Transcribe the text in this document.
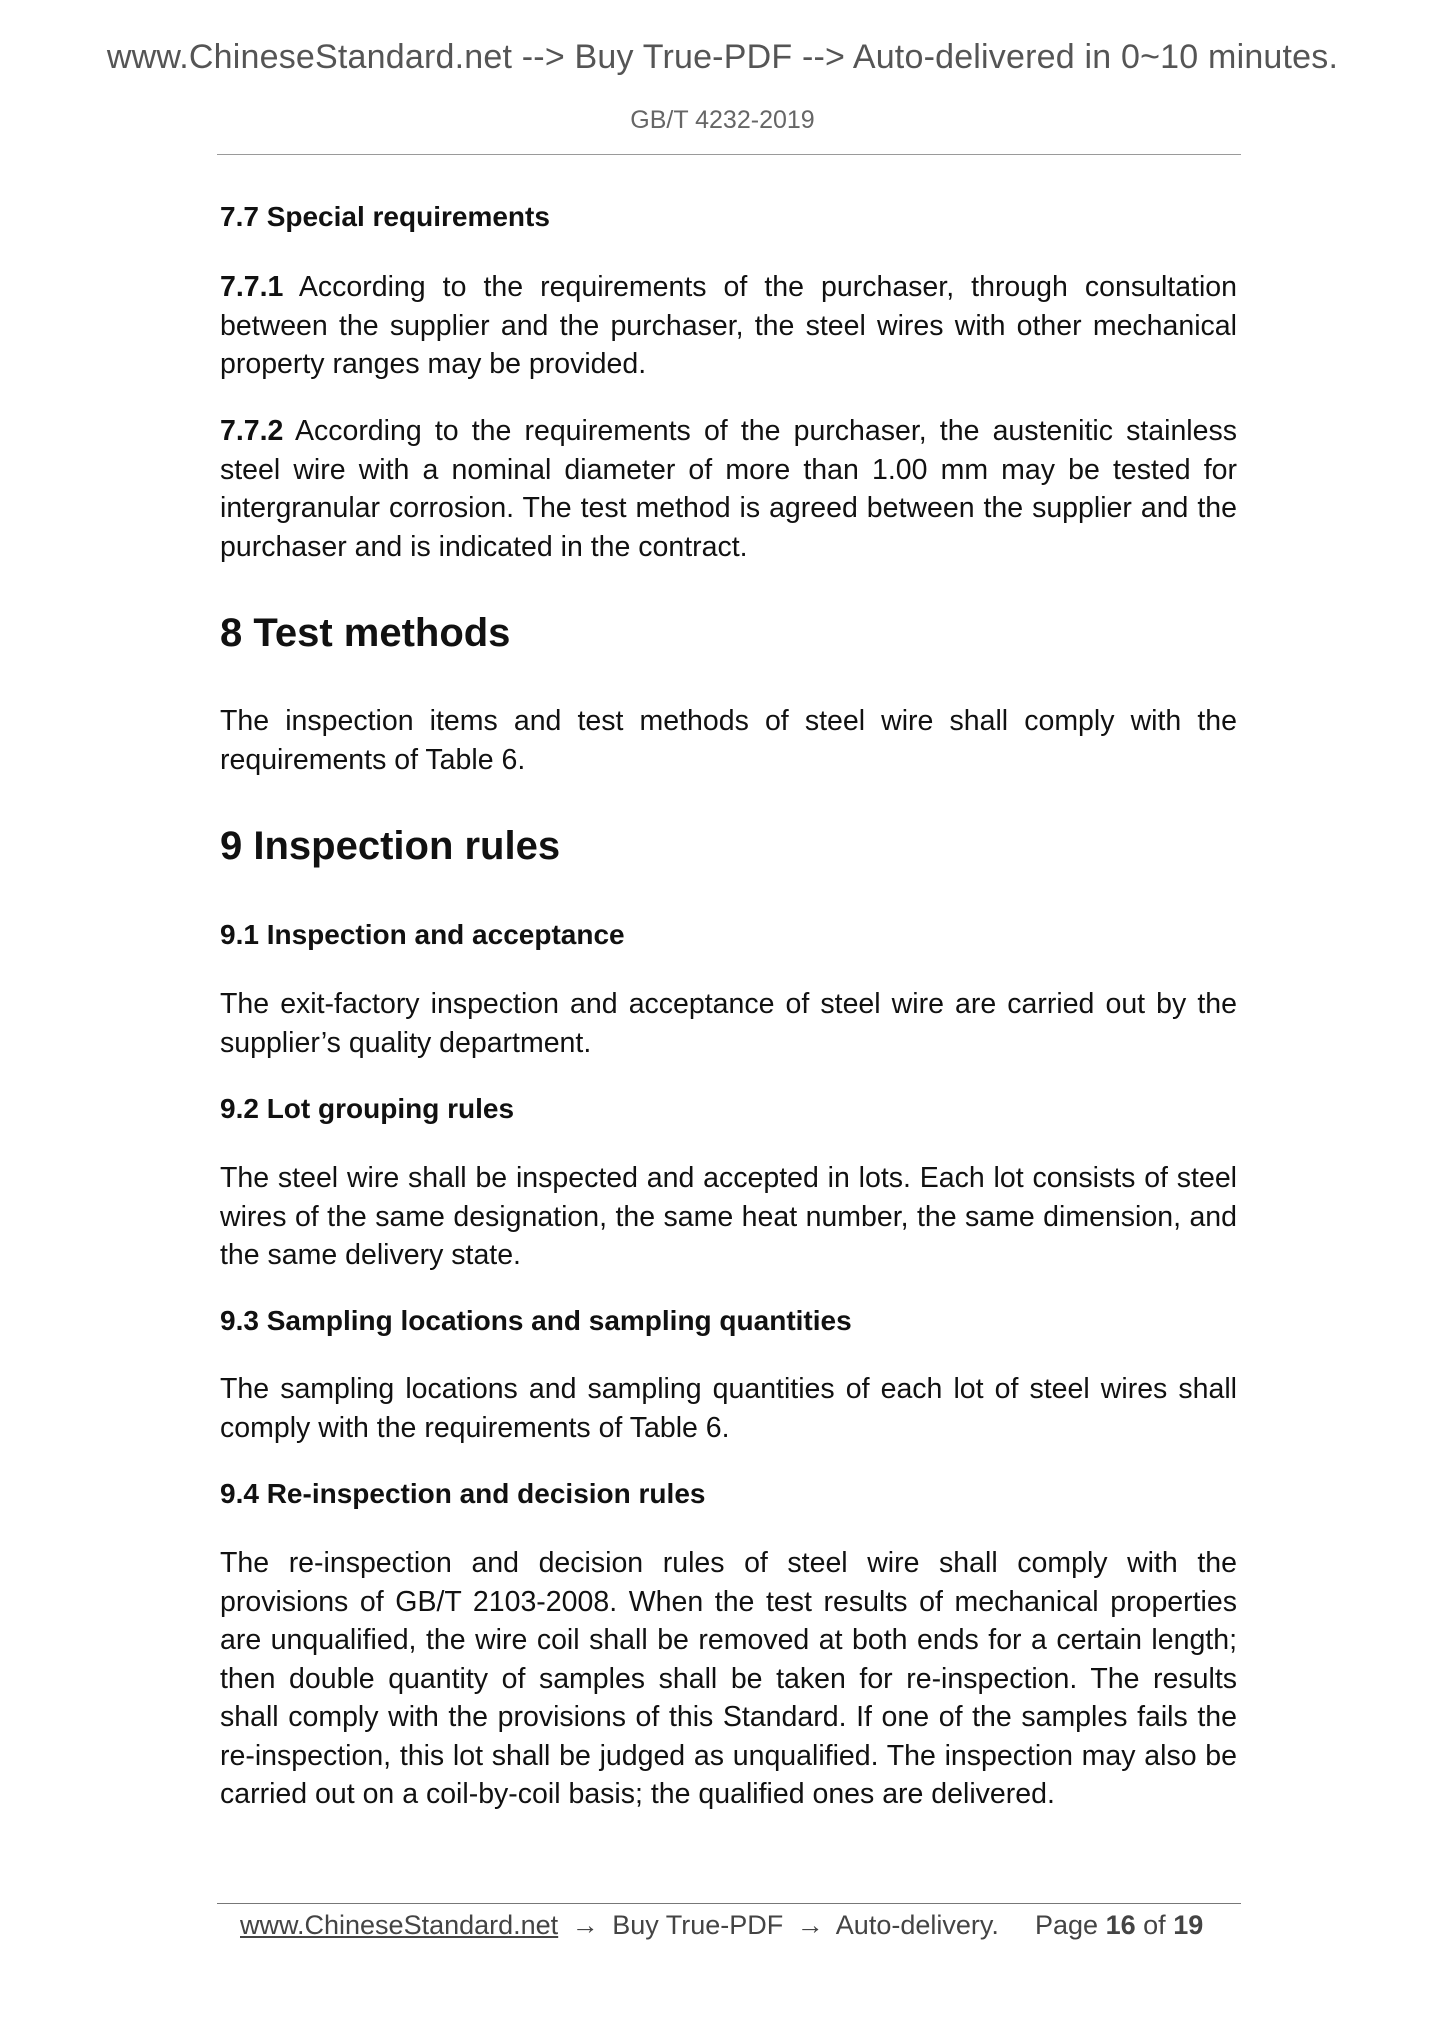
www.ChineseStandard.net --> Buy True-PDF --> Auto-delivered in 0~10 minutes.
GB/T 4232-2019

7.7 Special requirements

7.7.1 According to the requirements of the purchaser, through consultation between the supplier and the purchaser, the steel wires with other mechanical property ranges may be provided.

7.7.2 According to the requirements of the purchaser, the austenitic stainless steel wire with a nominal diameter of more than 1.00 mm may be tested for intergranular corrosion. The test method is agreed between the supplier and the purchaser and is indicated in the contract.

8 Test methods

The inspection items and test methods of steel wire shall comply with the requirements of Table 6.

9 Inspection rules

9.1 Inspection and acceptance

The exit-factory inspection and acceptance of steel wire are carried out by the supplier’s quality department.

9.2 Lot grouping rules

The steel wire shall be inspected and accepted in lots. Each lot consists of steel wires of the same designation, the same heat number, the same dimension, and the same delivery state.

9.3 Sampling locations and sampling quantities

The sampling locations and sampling quantities of each lot of steel wires shall comply with the requirements of Table 6.

9.4 Re-inspection and decision rules

The re-inspection and decision rules of steel wire shall comply with the provisions of GB/T 2103-2008. When the test results of mechanical properties are unqualified, the wire coil shall be removed at both ends for a certain length; then double quantity of samples shall be taken for re-inspection. The results shall comply with the provisions of this Standard. If one of the samples fails the re-inspection, this lot shall be judged as unqualified. The inspection may also be carried out on a coil-by-coil basis; the qualified ones are delivered.

www.ChineseStandard.net → Buy True-PDF → Auto-delivery. Page 16 of 19
